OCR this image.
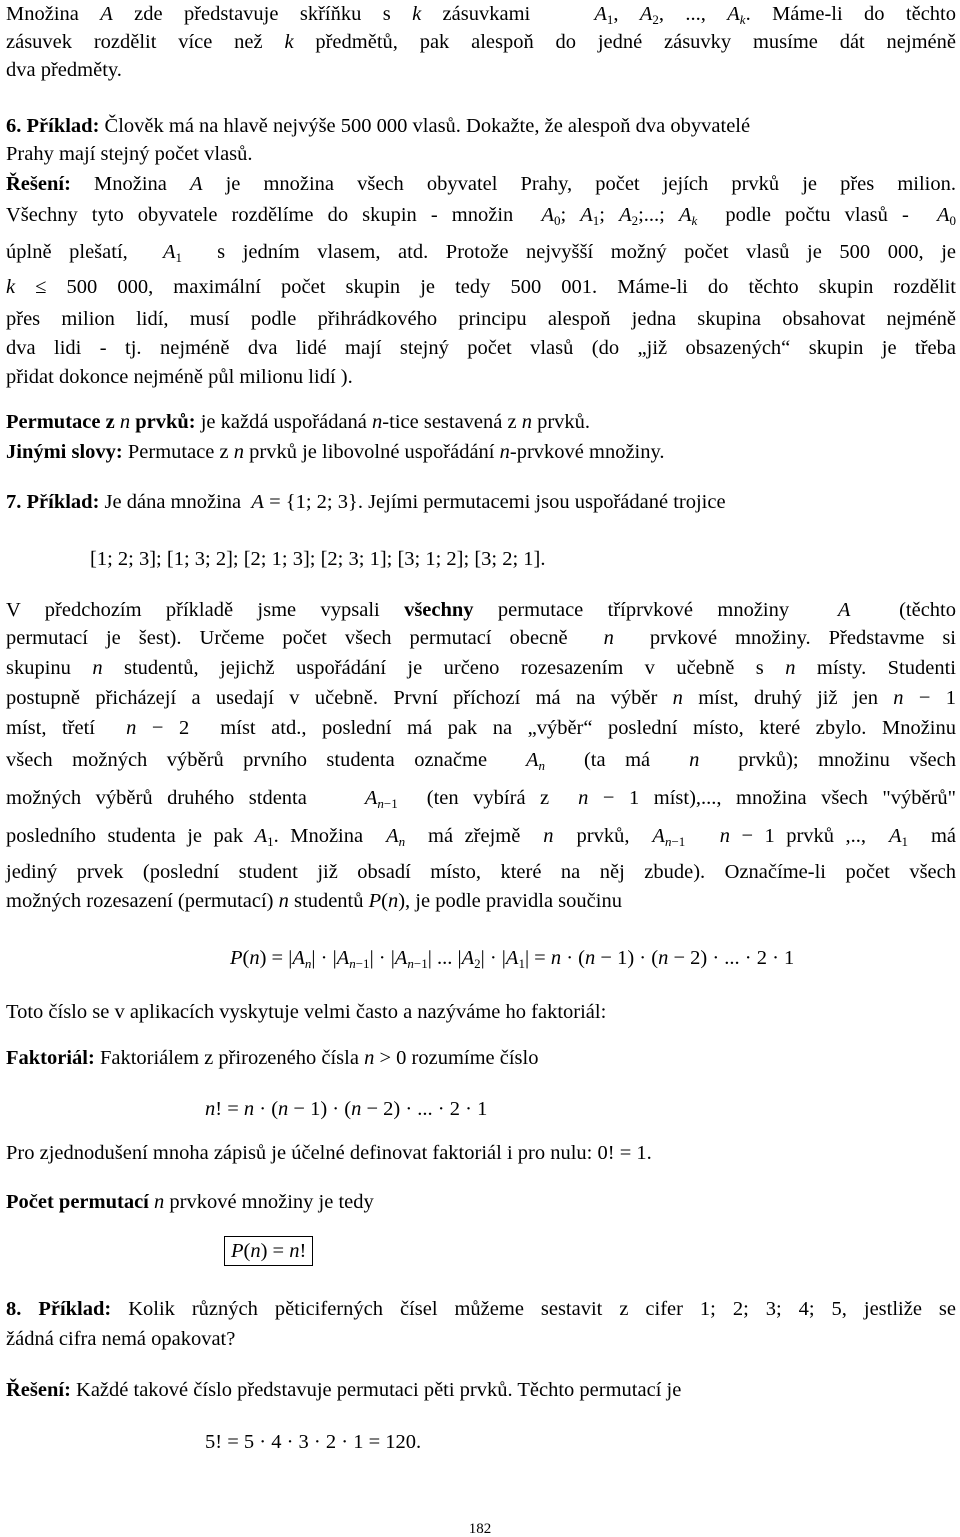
Množina A zde představuje skříňku s k zásuvkami   $A_1$, $A_2$, ..., $A_k$. Máme-li do těchto
zásuvek rozdělit více než k předmětů, pak alespoň do jedné zásuvky musíme dát nejméně
dva předměty.
6. Příklad: Člověk má na hlavě nejvýše 500 000 vlasů. Dokažte, že alespoň dva obyvatelé
Prahy mají stejný počet vlasů.
Řešení: Množina A je množina všech obyvatel Prahy, počet jejích prvků je přes milion.
Všechny tyto obyvatele rozdělíme do skupin - množin  $A_0$; $A_1$; $A_2$;...; $A_k$  podle počtu vlasů -  $A_0$
úplně plešatí,  $A_1$  s jedním vlasem, atd. Protože nejvyšší možný počet vlasů je 500 000, je
k ≤ 500 000, maximální počet skupin je tedy 500 001. Máme-li do těchto skupin rozdělit
přes milion lidí, musí podle přihrádkového principu alespoň jedna skupina obsahovat nejméně
dva lidi - tj. nejméně dva lidé mají stejný počet vlasů (do „již obsazených“ skupin je třeba
přidat dokonce nejméně půl milionu lidí ).
Permutace z n prvků: je každá uspořádaná n-tice sestavená z n prvků.
Jinými slovy: Permutace z n prvků je libovolné uspořádání n-prvkové množiny.
7. Příklad: Je dána množina  A = {1; 2; 3}. Jejími permutacemi jsou uspořádané trojice
[1; 2; 3]; [1; 3; 2]; [2; 1; 3]; [2; 3; 1]; [3; 1; 2]; [3; 2; 1].
V předchozím příkladě jsme vypsali všechny permutace tříprvkové množiny  A  (těchto
permutací je šest). Určeme počet všech permutací obecně  n  prvkové množiny. Představme si
skupinu n studentů, jejichž uspořádání je určeno rozesazením v učebně s n místy. Studenti
postupně přicházejí a usedají v učebně. První příchozí má na výběr n míst, druhý již jen n − 1
míst, třetí  n − 2  míst atd., poslední má pak na „výběr“ poslední místo, které zbylo. Množinu
všech možných výběrů prvního studenta označme  $A_n$  (ta má  n  prvků); množinu všech
možných výběrů druhého stdenta    $A_{n-1}$  (ten vybírá z  n − 1 míst),..., množina všech "výběrů"
posledního studenta je pak $A_1$. Množina  $A_n$  má zřejmě  n  prvků,  $A_{n-1}$ n − 1 prvků ,..,  $A_1$  má
jediný prvek (poslední student již obsadí místo, které na něj zbude). Označíme-li počet všech
možných rozesazení (permutací) n studentů P(n), je podle pravidla součinu
$P(n) = |A_n| \cdot |A_{n-1}| \cdot |A_{n-1}|$ ... $|A_2| \cdot |A_1| = n \cdot (n - 1) \cdot (n - 2)$ · ... · 2 · 1
Toto číslo se v aplikacích vyskytuje velmi často a nazýváme ho faktoriál:
Faktoriál: Faktoriálem z přirozeného čísla n > 0 rozumíme číslo
n! = n · (n − 1) · (n − 2) · ... · 2 · 1
Pro zjednodušení mnoha zápisů je účelné definovat faktoriál i pro nulu: 0! = 1.
Počet permutací n prvkové množiny je tedy
P(n) = n!
8. Příklad: Kolik různých pěticiferných čísel můžeme sestavit z cifer 1; 2; 3; 4; 5, jestliže se
žádná cifra nemá opakovat?
Řešení: Každé takové číslo představuje permutaci pěti prvků. Těchto permutací je
5! = 5 · 4 · 3 · 2 · 1 = 120.
182
